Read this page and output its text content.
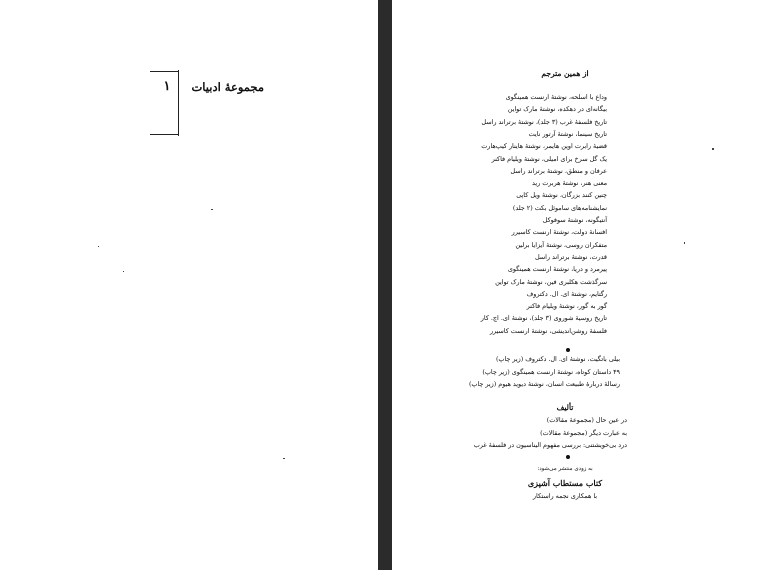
۱	مجموعهٔ ادبیات
از همین مترجم
وداع با اسلحه، نوشتهٔ ارنست همینگوی
بیگانه‌ای در دهکده، نوشتهٔ مارک تواین
تاریخ فلسفهٔ غرب (۳ جلد)، نوشتهٔ برتراند راسل
تاریخ سینما، نوشتهٔ آرتور نایت
قضیهٔ رابرت اوپن هایمر، نوشتهٔ هاینار کیپ‌هارت
یک گل سرخ برای امیلی، نوشتهٔ ویلیام فاکنر
عرفان و منطق، نوشتهٔ برتراند راسل
معنی هنر، نوشتهٔ هربرت رید
چنین کنند بزرگان، نوشتهٔ ویل کاپی
نمایشنامه‌های ساموئل بکت (۲ جلد)
آنتیگونه، نوشتهٔ سوفوکل
افسانهٔ دولت، نوشتهٔ ارنست کاسیرر
متفکران روسی، نوشتهٔ آیزایا برلین
قدرت، نوشتهٔ برتراند راسل
پیرمرد و دریا، نوشتهٔ ارنست همینگوی
سرگذشت هکلبری فین، نوشتهٔ مارک تواین
رگتایم، نوشتهٔ ای. ال. دکتروف
گور به گور، نوشتهٔ ویلیام فاکنر
تاریخ روسیهٔ شوروی (۳ جلد)، نوشتهٔ ای. اچ. کار
فلسفهٔ روشن‌اندیشی، نوشتهٔ ارنست کاسیرر
بیلی باتگیت، نوشتهٔ ای. ال. دکتروف (زیر چاپ)
۴۹ داستان کوتاه، نوشتهٔ ارنست همینگوی (زیر چاپ)
رسالهٔ دربارهٔ طبیعت انسان، نوشتهٔ دیوید هیوم (زیر چاپ)
تألیف
در عین حال (مجموعهٔ مقالات)
به عبارت دیگر (مجموعهٔ مقالات)
درد بی‌خویشتنی: بررسی مفهوم الیناسیون در فلسفهٔ غرب
به زودی منتشر می‌شود:
کتاب مستطاب آشپزی
با همکاری نجمه راستکار
